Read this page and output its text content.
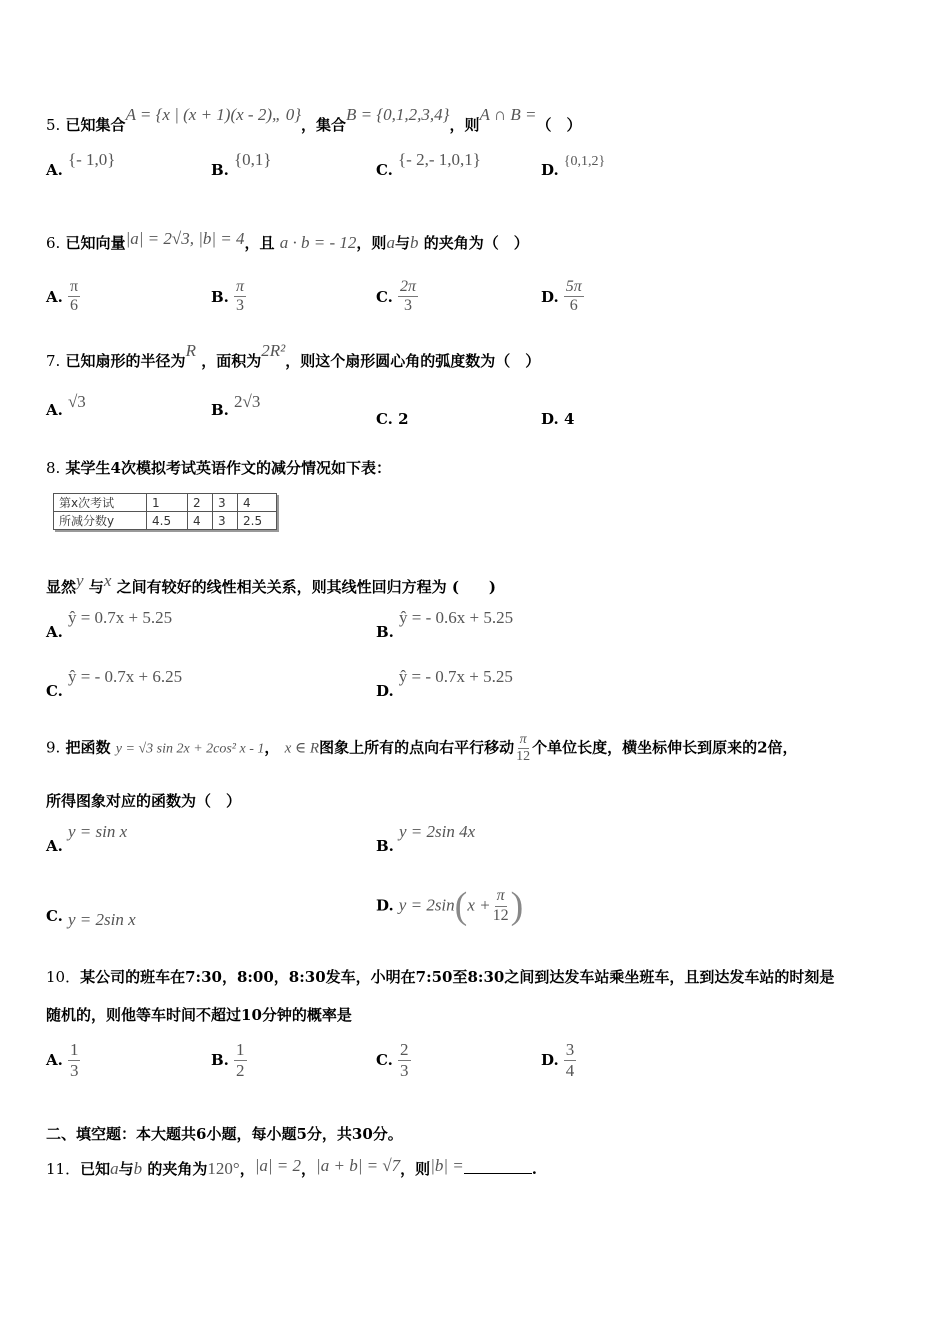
5. 已知集合A = {x | (x + 1)(x - 2)„ 0}，集合B = {0,1,2,3,4}，则A ∩ B =（　）
A. {- 1,0}
B. {0,1}
C. {- 2,- 1,0,1}
D. {0,1,2}
6. 已知向量|a| = 2√3, |b| = 4，且 a · b = - 12，则a与b 的夹角为（　）
A. $\frac{\pi}{6}$	B. $\frac{\pi}{3}$	C. $\frac{2\pi}{3}$	D. $\frac{5\pi}{6}$
7. 已知扇形的半径为R ，面积为2R²，则这个扇形圆心角的弧度数为（　）
A. √3	B. 2√3
C. 2	D. 4
8. 某学生4次模拟考试英语作文的减分情况如下表：
第x次考试	1	2	3	4
所减分数y	4.5	4	3	2.5
显然y 与x 之间有较好的线性相关关系，则其线性回归方程为 (　　)
A. ŷ = 0.7x + 5.25
B. ŷ = - 0.6x + 5.25
C. ŷ = - 0.7x + 6.25
D. ŷ = - 0.7x + 5.25
9. 把函数 y = √3 sin 2x + 2cos² x - 1， x ∈ R图象上所有的点向右平行移动 $\frac{\pi}{12}$ 个单位长度，横坐标伸长到原来的2倍，
所得图象对应的函数为（　）
A. y = sin x
B. y = 2sin 4x
C. y = 2sin x
D. $y = 2\sin(x + \frac{\pi}{12}$ )
10．某公司的班车在7:30，8:00，8:30发车，小明在7:50至8:30之间到达发车站乘坐班车，且到达发车站的时刻是
随机的，则他等车时间不超过10分钟的概率是
A. $\frac{1}{3}$	B. $\frac{1}{2}$	C. $\frac{2}{3}$	D. $\frac{3}{4}$
二、填空题：本大题共6小题，每小题5分，共30分。
11．已知a与b 的夹角为120°，|a| = 2，|a + b| = √7，则|b| =	.
